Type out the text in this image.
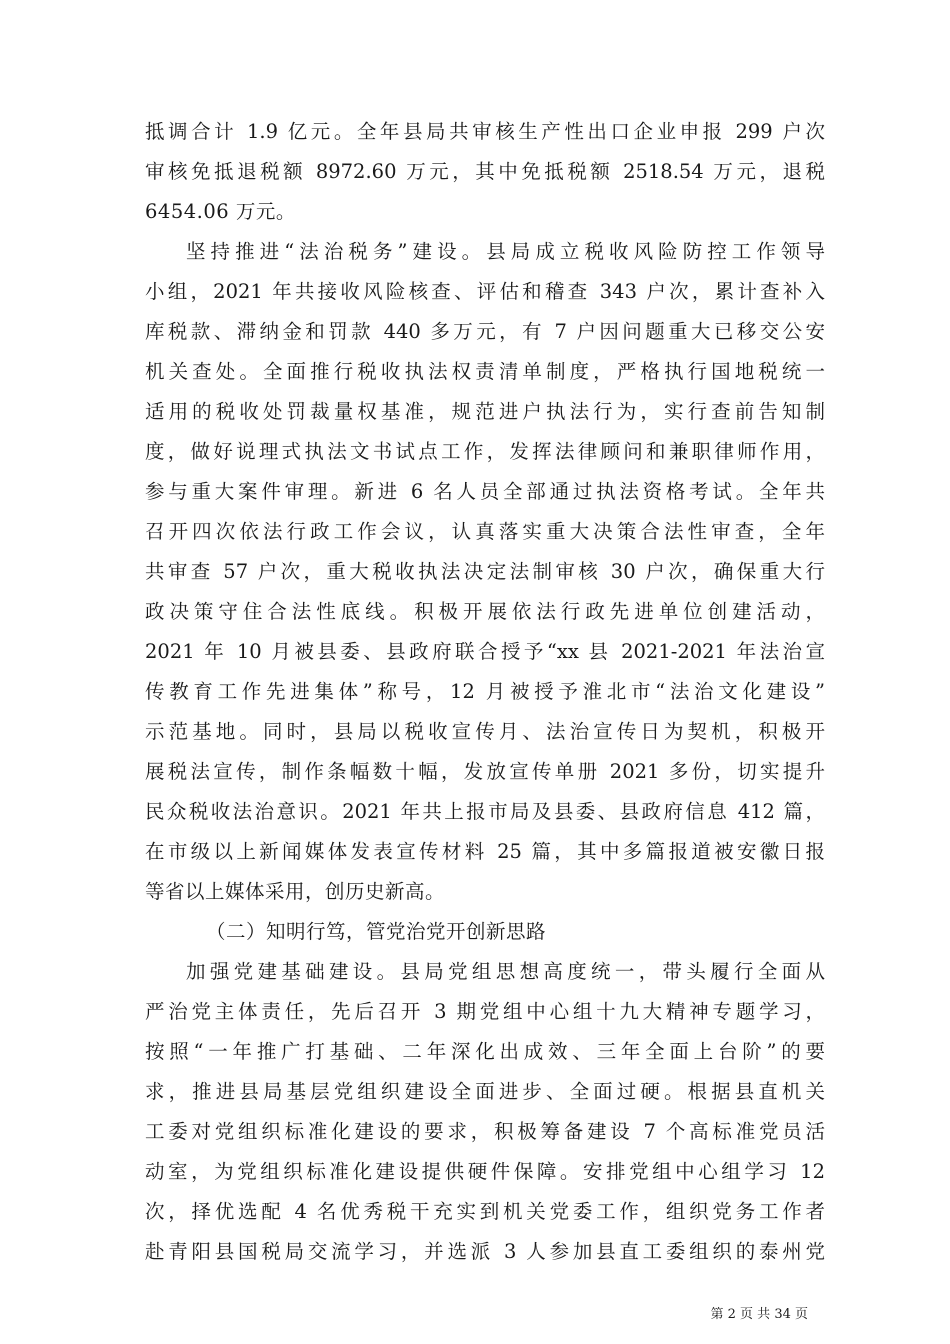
抵调合计 1.9 亿元。全年县局共审核生产性出口企业申报 299 户次
审核免抵退税额 8972.60 万元，其中免抵税额 2518.54 万元，退税
6454.06 万元。
坚持推进“法治税务”建设。县局成立税收风险防控工作领导
小组，2021 年共接收风险核查、评估和稽查 343 户次，累计查补入
库税款、滞纳金和罚款 440 多万元，有 7 户因问题重大已移交公安
机关查处。全面推行税收执法权责清单制度，严格执行国地税统一
适用的税收处罚裁量权基准，规范进户执法行为，实行查前告知制
度，做好说理式执法文书试点工作，发挥法律顾问和兼职律师作用，
参与重大案件审理。新进 6 名人员全部通过执法资格考试。全年共
召开四次依法行政工作会议，认真落实重大决策合法性审查，全年
共审查 57 户次，重大税收执法决定法制审核 30 户次，确保重大行
政决策守住合法性底线。积极开展依法行政先进单位创建活动，
2021 年 10 月被县委、县政府联合授予“xx 县 2021-2021 年法治宣
传教育工作先进集体”称号，12 月被授予淮北市“法治文化建设”
示范基地。同时，县局以税收宣传月、法治宣传日为契机，积极开
展税法宣传，制作条幅数十幅，发放宣传单册 2021 多份，切实提升
民众税收法治意识。2021 年共上报市局及县委、县政府信息 412 篇，
在市级以上新闻媒体发表宣传材料 25 篇，其中多篇报道被安徽日报
等省以上媒体采用，创历史新高。
（二）知明行笃，管党治党开创新思路
加强党建基础建设。县局党组思想高度统一，带头履行全面从
严治党主体责任，先后召开 3 期党组中心组十九大精神专题学习，
按照“一年推广打基础、二年深化出成效、三年全面上台阶”的要
求，推进县局基层党组织建设全面进步、全面过硬。根据县直机关
工委对党组织标准化建设的要求，积极筹备建设 7 个高标准党员活
动室，为党组织标准化建设提供硬件保障。安排党组中心组学习 12
次，择优选配 4 名优秀税干充实到机关党委工作，组织党务工作者
赴青阳县国税局交流学习，并选派 3 人参加县直工委组织的泰州党
第 2 页 共 34 页
